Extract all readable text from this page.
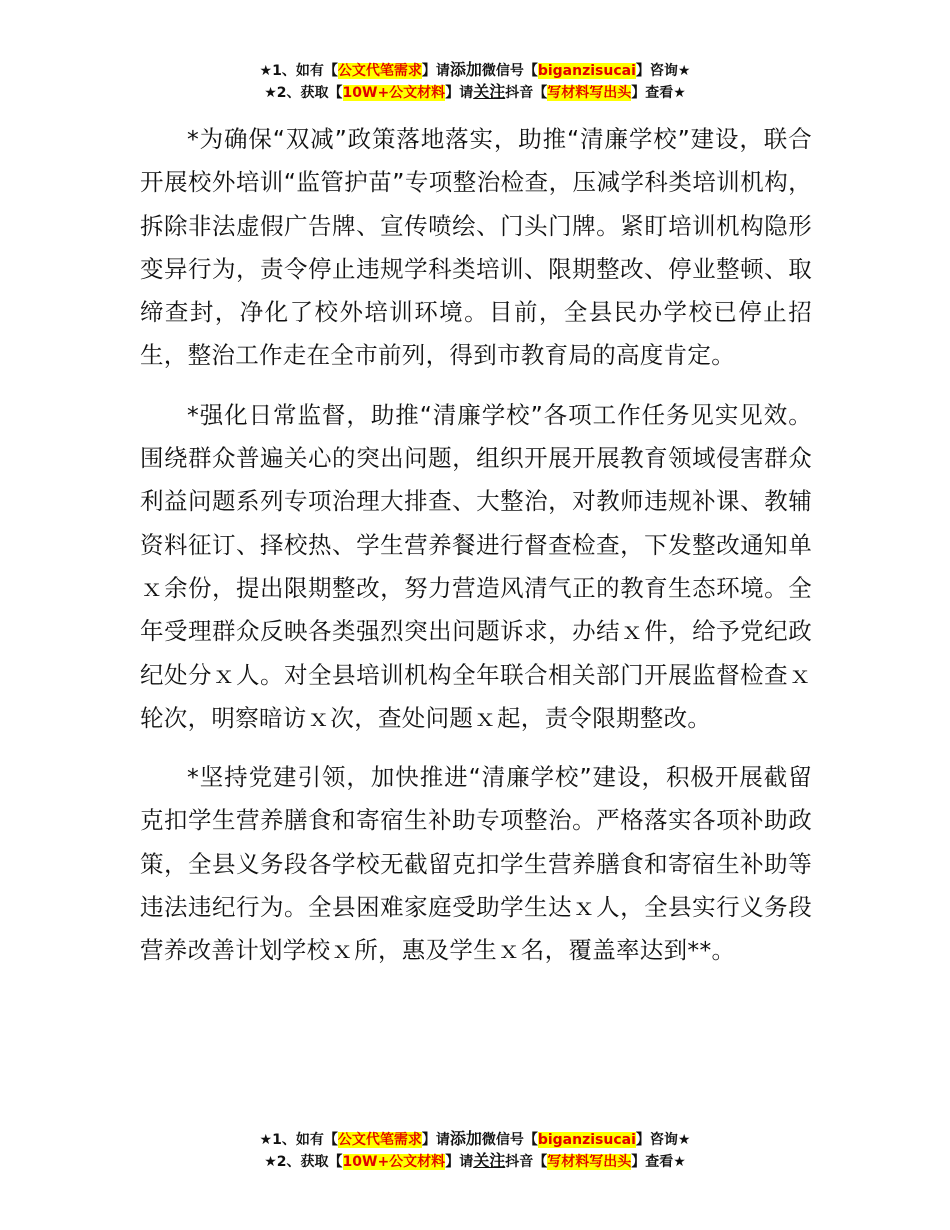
★1、如有【公文代笔需求】请添加微信号【biganzisucai】咨询★
★2、获取【10W+公文材料】请关注抖音【写材料写出头】查看★

*为确保“双减”政策落地落实，助推“清廉学校”建设，联合开展校外培训“监管护苗”专项整治检查，压减学科类培训机构，拆除非法虚假广告牌、宣传喷绘、门头门牌。紧盯培训机构隐形变异行为，责令停止违规学科类培训、限期整改、停业整顿、取缔查封，净化了校外培训环境。目前，全县民办学校已停止招生，整治工作走在全市前列，得到市教育局的高度肯定。

*强化日常监督，助推“清廉学校”各项工作任务见实见效。围绕群众普遍关心的突出问题，组织开展开展教育领域侵害群众利益问题系列专项治理大排查、大整治，对教师违规补课、教辅资料征订、择校热、学生营养餐进行督查检查，下发整改通知单ｘ余份，提出限期整改，努力营造风清气正的教育生态环境。全年受理群众反映各类强烈突出问题诉求，办结ｘ件，给予党纪政纪处分ｘ人。对全县培训机构全年联合相关部门开展监督检查ｘ轮次，明察暗访ｘ次，查处问题ｘ起，责令限期整改。

*坚持党建引领，加快推进“清廉学校”建设，积极开展截留克扣学生营养膳食和寄宿生补助专项整治。严格落实各项补助政策，全县义务段各学校无截留克扣学生营养膳食和寄宿生补助等违法违纪行为。全县困难家庭受助学生达ｘ人，全县实行义务段营养改善计划学校ｘ所，惠及学生ｘ名，覆盖率达到**。

★1、如有【公文代笔需求】请添加微信号【biganzisucai】咨询★
★2、获取【10W+公文材料】请关注抖音【写材料写出头】查看★
